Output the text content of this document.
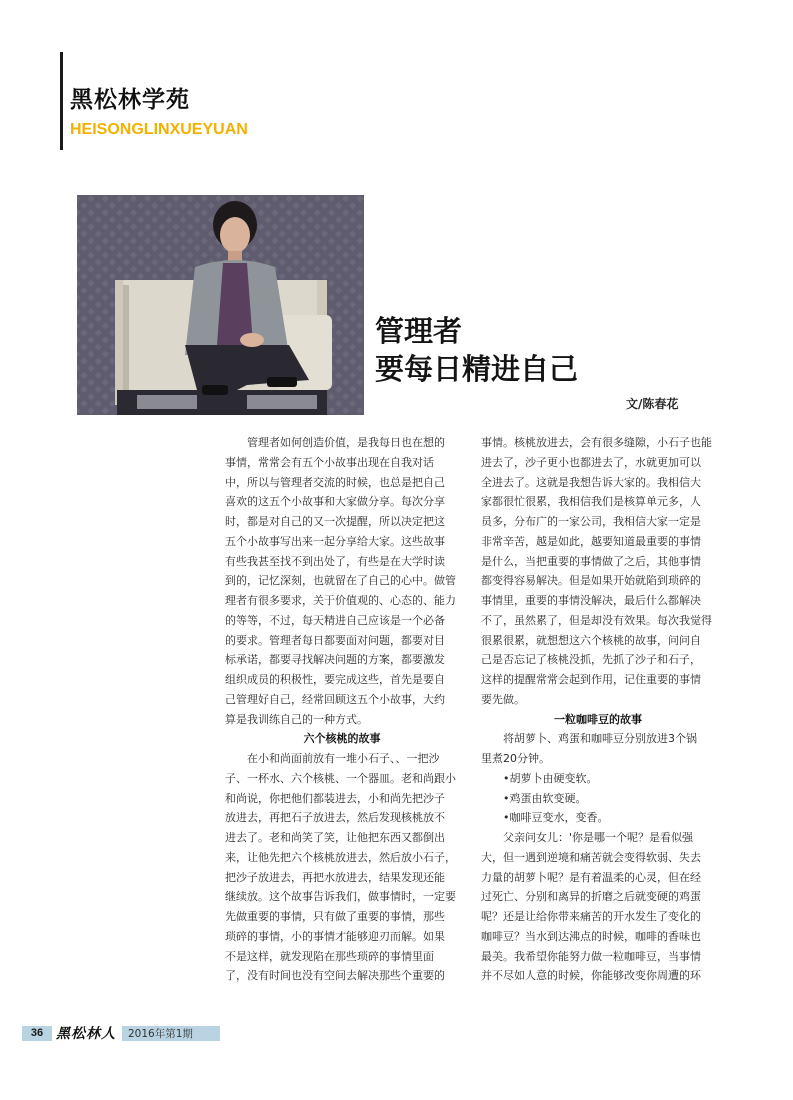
黑松林学苑
HEISONGLINXUEYUAN
管理者
要每日精进自己
文/陈春花
管理者如何创造价值，是我每日也在想的
事情，常常会有五个小故事出现在自我对话
中，所以与管理者交流的时候，也总是把自己
喜欢的这五个小故事和大家做分享。每次分享
时，都是对自己的又一次提醒，所以决定把这
五个小故事写出来一起分享给大家。这些故事
有些我甚至找不到出处了，有些是在大学时读
到的，记忆深刻，也就留在了自己的心中。做管
理者有很多要求，关于价值观的、心态的、能力
的等等，不过，每天精进自己应该是一个必备
的要求。管理者每日都要面对问题，都要对目
标承诺，都要寻找解决问题的方案，都要激发
组织成员的积极性，要完成这些，首先是要自
己管理好自己，经常回顾这五个小故事，大约
算是我训练自己的一种方式。
六个核桃的故事
在小和尚面前放有一堆小石子、、一把沙
子、一杯水、六个核桃、一个器皿。老和尚跟小
和尚说，你把他们都装进去，小和尚先把沙子
放进去，再把石子放进去，然后发现核桃放不
进去了。老和尚笑了笑，让他把东西又都倒出
来，让他先把六个核桃放进去，然后放小石子，
把沙子放进去，再把水放进去，结果发现还能
继续放。这个故事告诉我们，做事情时，一定要
先做重要的事情，只有做了重要的事情，那些
琐碎的事情，小的事情才能够迎刃而解。如果
不是这样，就发现陷在那些琐碎的事情里面
了，没有时间也没有空间去解决那些个重要的
事情。核桃放进去，会有很多缝隙，小石子也能
进去了，沙子更小也都进去了，水就更加可以
全进去了。这就是我想告诉大家的。我相信大
家都很忙很累，我相信我们是核算单元多，人
员多，分布广的一家公司，我相信大家一定是
非常辛苦，越是如此，越要知道最重要的事情
是什么，当把重要的事情做了之后，其他事情
都变得容易解决。但是如果开始就陷到琐碎的
事情里，重要的事情没解决，最后什么都解决
不了，虽然累了，但是却没有效果。每次我觉得
很累很累，就想想这六个核桃的故事，问问自
己是否忘记了核桃没抓，先抓了沙子和石子，
这样的提醒常常会起到作用，记住重要的事情
要先做。
一粒咖啡豆的故事
将胡萝卜、鸡蛋和咖啡豆分别放进3个锅
里煮20分钟。
•胡萝卜由硬变软。
•鸡蛋由软变硬。
•咖啡豆变水，变香。
父亲问女儿：'你是哪一个呢？是看似强
大，但一遇到逆境和痛苦就会变得软弱、失去
力量的胡萝卜呢？是有着温柔的心灵，但在经
过死亡、分别和离异的折磨之后就变硬的鸡蛋
呢？还是让给你带来痛苦的开水发生了变化的
咖啡豆？当水到达沸点的时候，咖啡的香味也
最美。我希望你能努力做一粒咖啡豆，当事情
并不尽如人意的时候，你能够改变你周遭的环
36 黑松林人	2016年第1期
